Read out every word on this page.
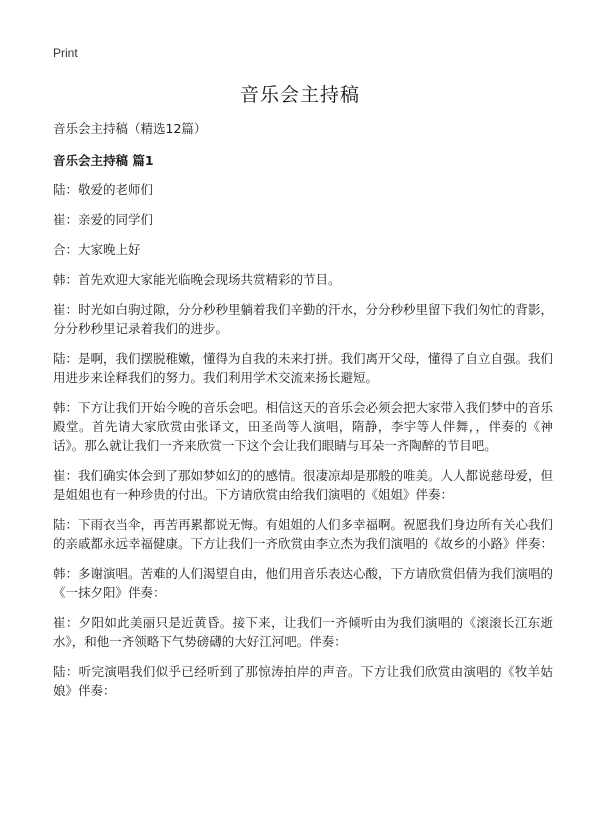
Print
音乐会主持稿

音乐会主持稿（精选12篇）

音乐会主持稿 篇1

陆：敬爱的老师们

崔：亲爱的同学们

合：大家晚上好

韩：首先欢迎大家能光临晚会现场共赏精彩的节目。

崔：时光如白驹过隙，分分秒秒里躺着我们辛勤的汗水，分分秒秒里留下我们匆忙的背影，分分秒秒里记录着我们的进步。

陆：是啊，我们摆脱稚嫩，懂得为自我的未来打拼。我们离开父母，懂得了自立自强。我们用进步来诠释我们的努力。我们利用学术交流来扬长避短。

韩：下方让我们开始今晚的音乐会吧。相信这天的音乐会必须会把大家带入我们梦中的音乐殿堂。首先请大家欣赏由张译文，田圣尚等人演唱，隋静，李宇等人伴舞，，伴奏的《神话》。那么就让我们一齐来欣赏一下这个会让我们眼睛与耳朵一齐陶醉的节目吧。

崔：我们确实体会到了那如梦如幻的的感情。很凄凉却是那般的唯美。人人都说慈母爱，但是姐姐也有一种珍贵的付出。下方请欣赏由给我们演唱的《姐姐》伴奏：

陆：下雨衣当伞，再苦再累都说无悔。有姐姐的人们多幸福啊。祝愿我们身边所有关心我们的亲戚都永远幸福健康。下方让我们一齐欣赏由李立杰为我们演唱的《故乡的小路》伴奏：

韩：多谢演唱。苦难的人们渴望自由，他们用音乐表达心酸，下方请欣赏侣倩为我们演唱的《一抹夕阳》伴奏：

崔：夕阳如此美丽只是近黄昏。接下来，让我们一齐倾听由为我们演唱的《滚滚长江东逝水》，和他一齐领略下气势磅礴的大好江河吧。伴奏：

陆：听完演唱我们似乎已经听到了那惊涛拍岸的声音。下方让我们欣赏由演唱的《牧羊姑娘》伴奏：
